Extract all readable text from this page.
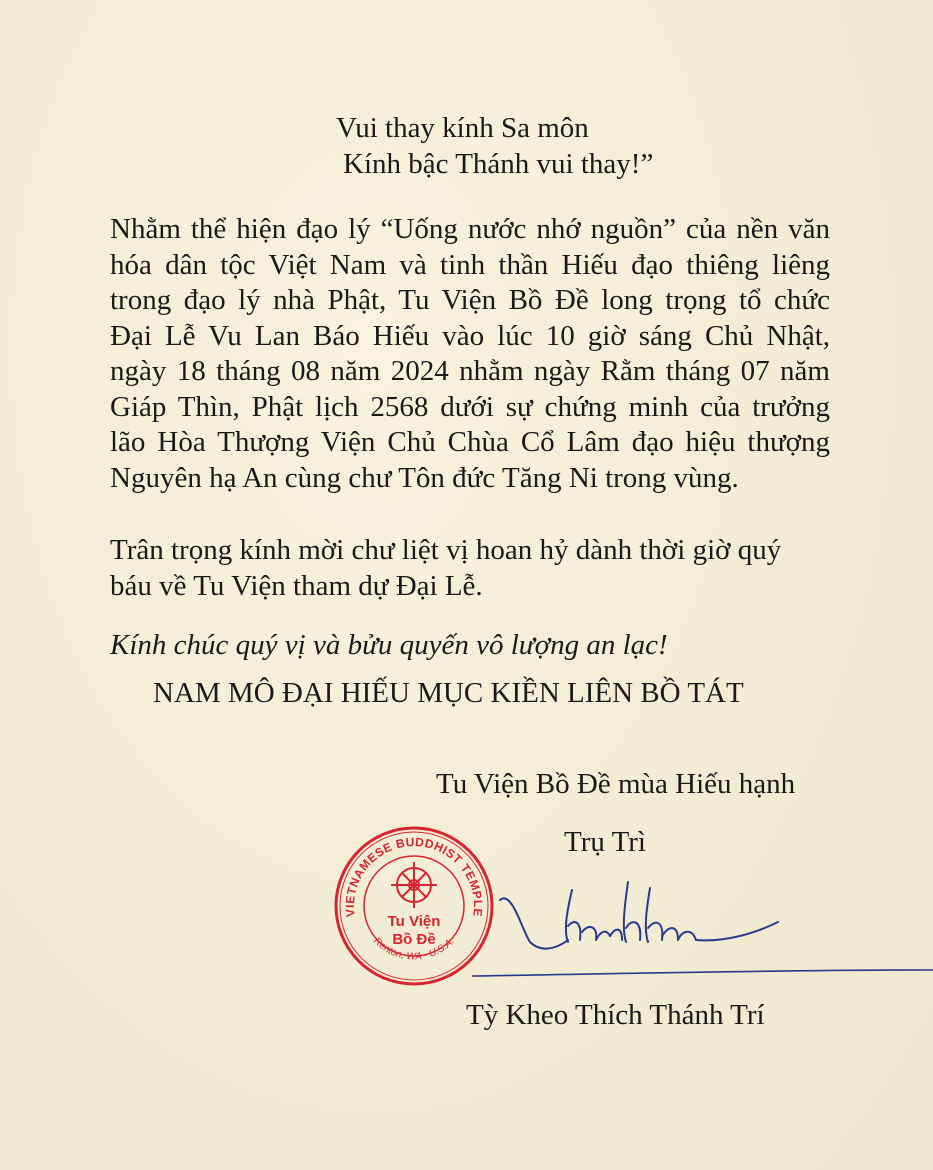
Vui thay kính Sa môn
Kính bậc Thánh vui thay!”

Nhằm thể hiện đạo lý “Uống nước nhớ nguồn” của nền văn
hóa dân tộc Việt Nam và tinh thần Hiếu đạo thiêng liêng
trong đạo lý nhà Phật, Tu Viện Bồ Đề long trọng tổ chức
Đại Lễ Vu Lan Báo Hiếu vào lúc 10 giờ sáng Chủ Nhật,
ngày 18 tháng 08 năm 2024 nhằm ngày Rằm tháng 07 năm
Giáp Thìn, Phật lịch 2568 dưới sự chứng minh của trưởng
lão Hòa Thượng Viện Chủ Chùa Cổ Lâm đạo hiệu thượng
Nguyên hạ An cùng chư Tôn đức Tăng Ni trong vùng.

Trân trọng kính mời chư liệt vị hoan hỷ dành thời giờ quý
báu về Tu Viện tham dự Đại Lễ.

Kính chúc quý vị và bửu quyến vô lượng an lạc!
NAM MÔ ĐẠI HIẾU MỤC KIỀN LIÊN BỒ TÁT
Tu Viện Bồ Đề mùa Hiếu hạnh
Trụ Trì
VIETNAMESE BUDDHIST TEMPLE
Renton, WA - U.S.A.
Tu Viện
Bồ Đề
Tỳ Kheo Thích Thánh Trí
